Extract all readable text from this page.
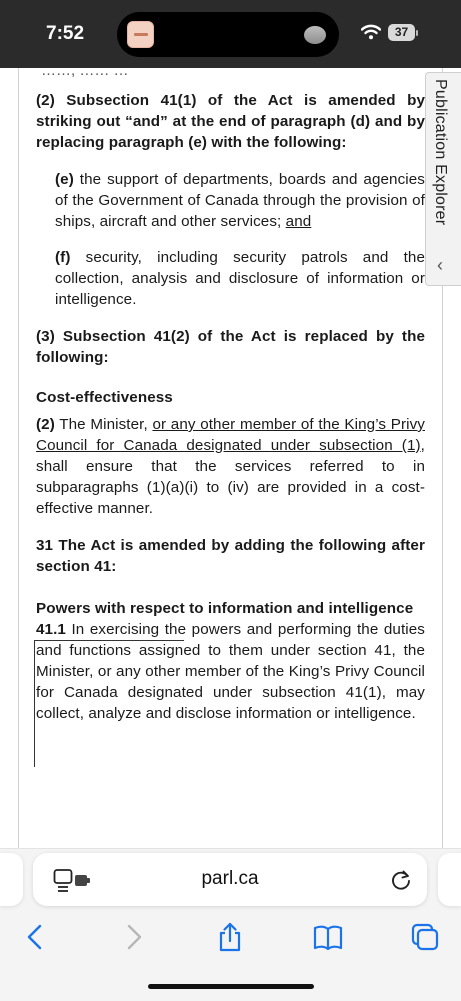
7:52	37
……, …… …

(2) Subsection 41(1) of the Act is amended by striking out “and” at the end of paragraph (d) and by replacing paragraph (e) with the following:

(e) the support of departments, boards and agencies of the Government of Canada through the provision of ships, aircraft and other services; and

(f) security, including security patrols and the collection, analysis and disclosure of information or intelligence.

(3) Subsection 41(2) of the Act is replaced by the following:

Cost-effectiveness

(2) The Minister, or any other member of the King’s Privy Council for Canada designated under subsection (1), shall ensure that the services referred to in subparagraphs (1)(a)(i) to (iv) are provided in a cost-effective manner.

31 The Act is amended by adding the following after section 41:

Powers with respect to information and intelligence

41.1 In exercising the powers and performing the duties and functions assigned to them under section 41, the Minister, or any other member of the King’s Privy Council for Canada designated under subsection 41(1), may collect, analyze and disclose information or intelligence.

Publication Explorer
‹
parl.ca
